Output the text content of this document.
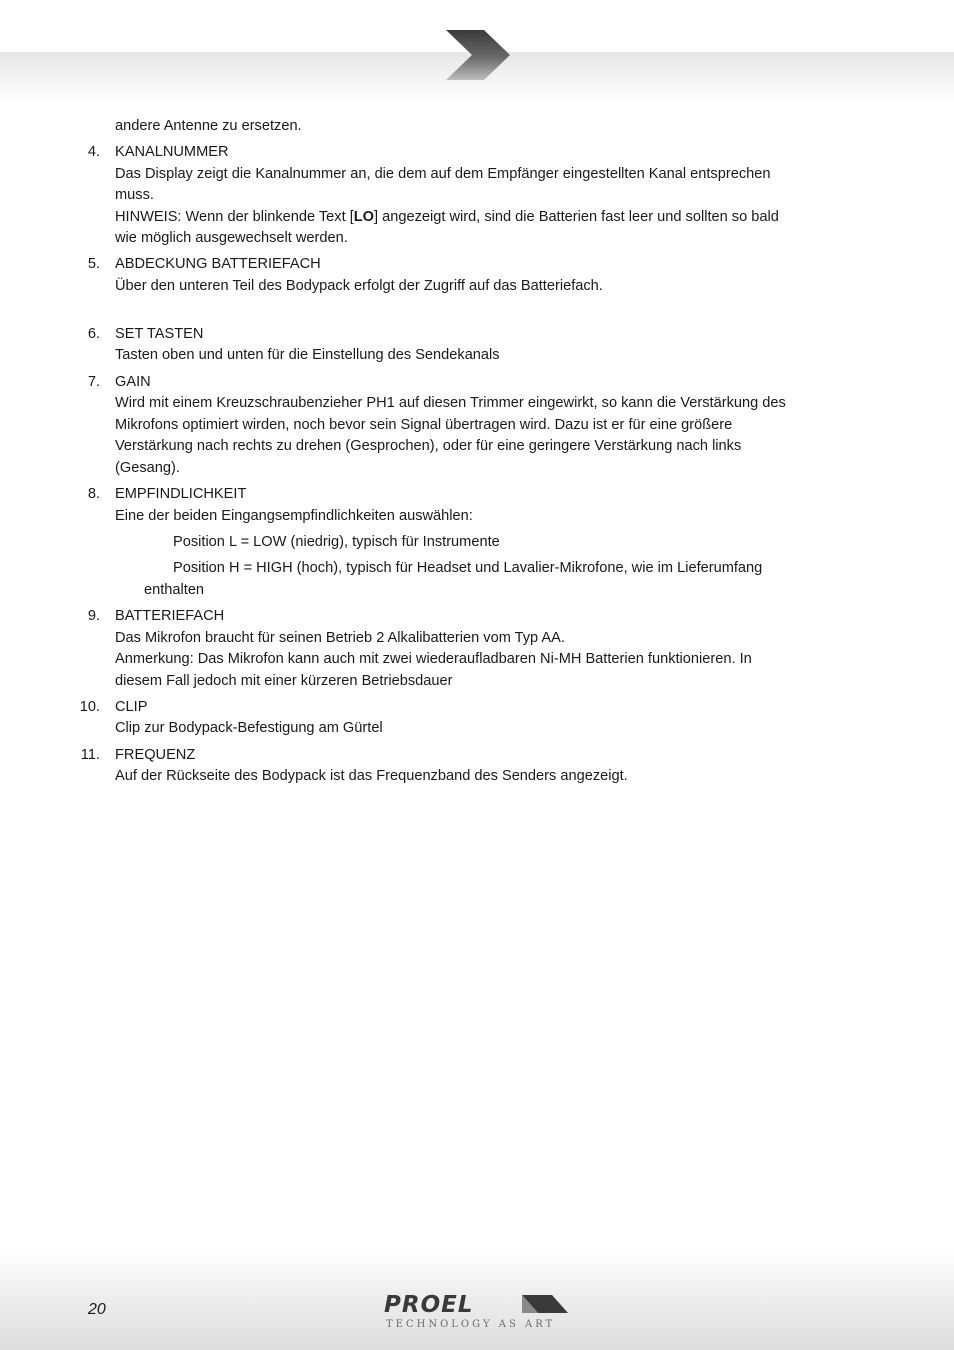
andere Antenne zu ersetzen.
4. KANALNUMMER
Das Display zeigt die Kanalnummer an, die dem auf dem Empfänger eingestellten Kanal entsprechen
muss.
HINWEIS: Wenn der blinkende Text [LO] angezeigt wird, sind die Batterien fast leer und sollten so bald
wie möglich ausgewechselt werden.
5. ABDECKUNG BATTERIEFACH
Über den unteren Teil des Bodypack erfolgt der Zugriff auf das Batteriefach.
6. SET TASTEN
Tasten oben und unten für die Einstellung des Sendekanals
7. GAIN
Wird mit einem Kreuzschraubenzieher PH1 auf diesen Trimmer eingewirkt, so kann die Verstärkung des
Mikrofons optimiert wirden, noch bevor sein Signal übertragen wird. Dazu ist er für eine größere
Verstärkung nach rechts zu drehen (Gesprochen), oder für eine geringere Verstärkung nach links
(Gesang).
8. EMPFINDLICHKEIT
Eine der beiden Eingangsempfindlichkeiten auswählen:
Position L = LOW (niedrig), typisch für Instrumente
Position H = HIGH (hoch), typisch für Headset und Lavalier-Mikrofone, wie im Lieferumfang
enthalten
9. BATTERIEFACH
Das Mikrofon braucht für seinen Betrieb 2 Alkalibatterien vom Typ AA.
Anmerkung: Das Mikrofon kann auch mit zwei wiederaufladbaren Ni-MH Batterien funktionieren. In
diesem Fall jedoch mit einer kürzeren Betriebsdauer
10. CLIP
Clip zur Bodypack-Befestigung am Gürtel
11. FREQUENZ
Auf der Rückseite des Bodypack ist das Frequenzband des Senders angezeigt.
20	PROEL
TECHNOLOGY AS ART
